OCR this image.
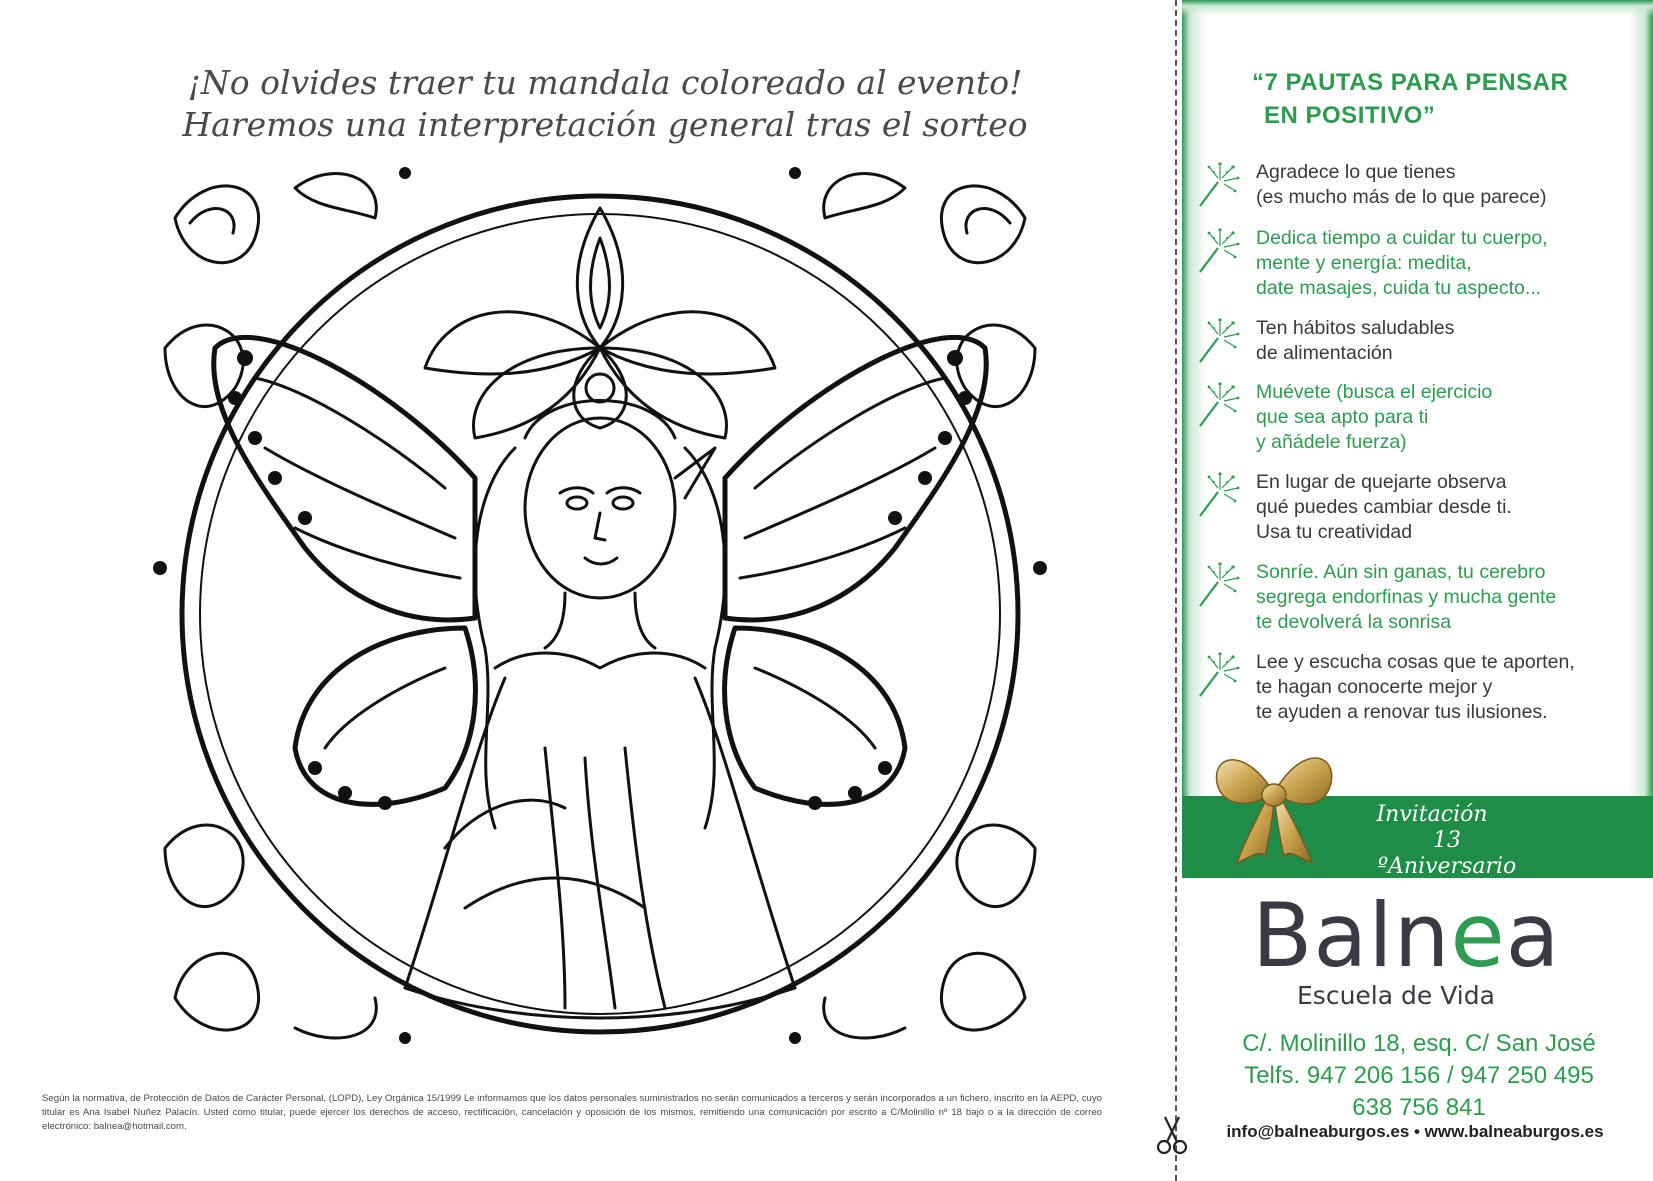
¡No olvides traer tu mandala coloreado al evento!
Haremos una interpretación general tras el sorteo
Según la normativa, de Protección de Datos de Carácter Personal, (LOPD), Ley Orgánica 15/1999 Le informamos que los datos personales suministrados no serán comunicados a terceros y serán incorporados a un fichero, inscrito en la AEPD, cuyo titular es Ana Isabel Nuñez Palacín. Usted como titular, puede ejercer los derechos de acceso, rectificación, cancelación y oposición de los mismos, remitiendo una comunicación por escrito a C/Molinillo nº 18 bajo o a la dirección de correo electrónico: balnea@hotmail.com.
“7 PAUTAS PARA PENSAR
EN POSITIVO”
Agradece lo que tienes
(es mucho más de lo que parece)
Dedica tiempo a cuidar tu cuerpo,
mente y energía: medita,
date masajes, cuida tu aspecto...
Ten hábitos saludables
de alimentación
Muévete (busca el ejercicio
que sea apto para ti
y añádele fuerza)
En lugar de quejarte observa
qué puedes cambiar desde ti.
Usa tu creatividad
Sonríe. Aún sin ganas, tu cerebro
segrega endorfinas y mucha gente
te devolverá la sonrisa
Lee y escucha cosas que te aporten,
te hagan conocerte mejor y
te ayuden a renovar tus ilusiones.
Invitación
13 ºAniversario
Balnea
Escuela de Vida
C/. Molinillo 18, esq. C/ San José
Telfs. 947 206 156 / 947 250 495
638 756 841
info@balneaburgos.es • www.balneaburgos.es
